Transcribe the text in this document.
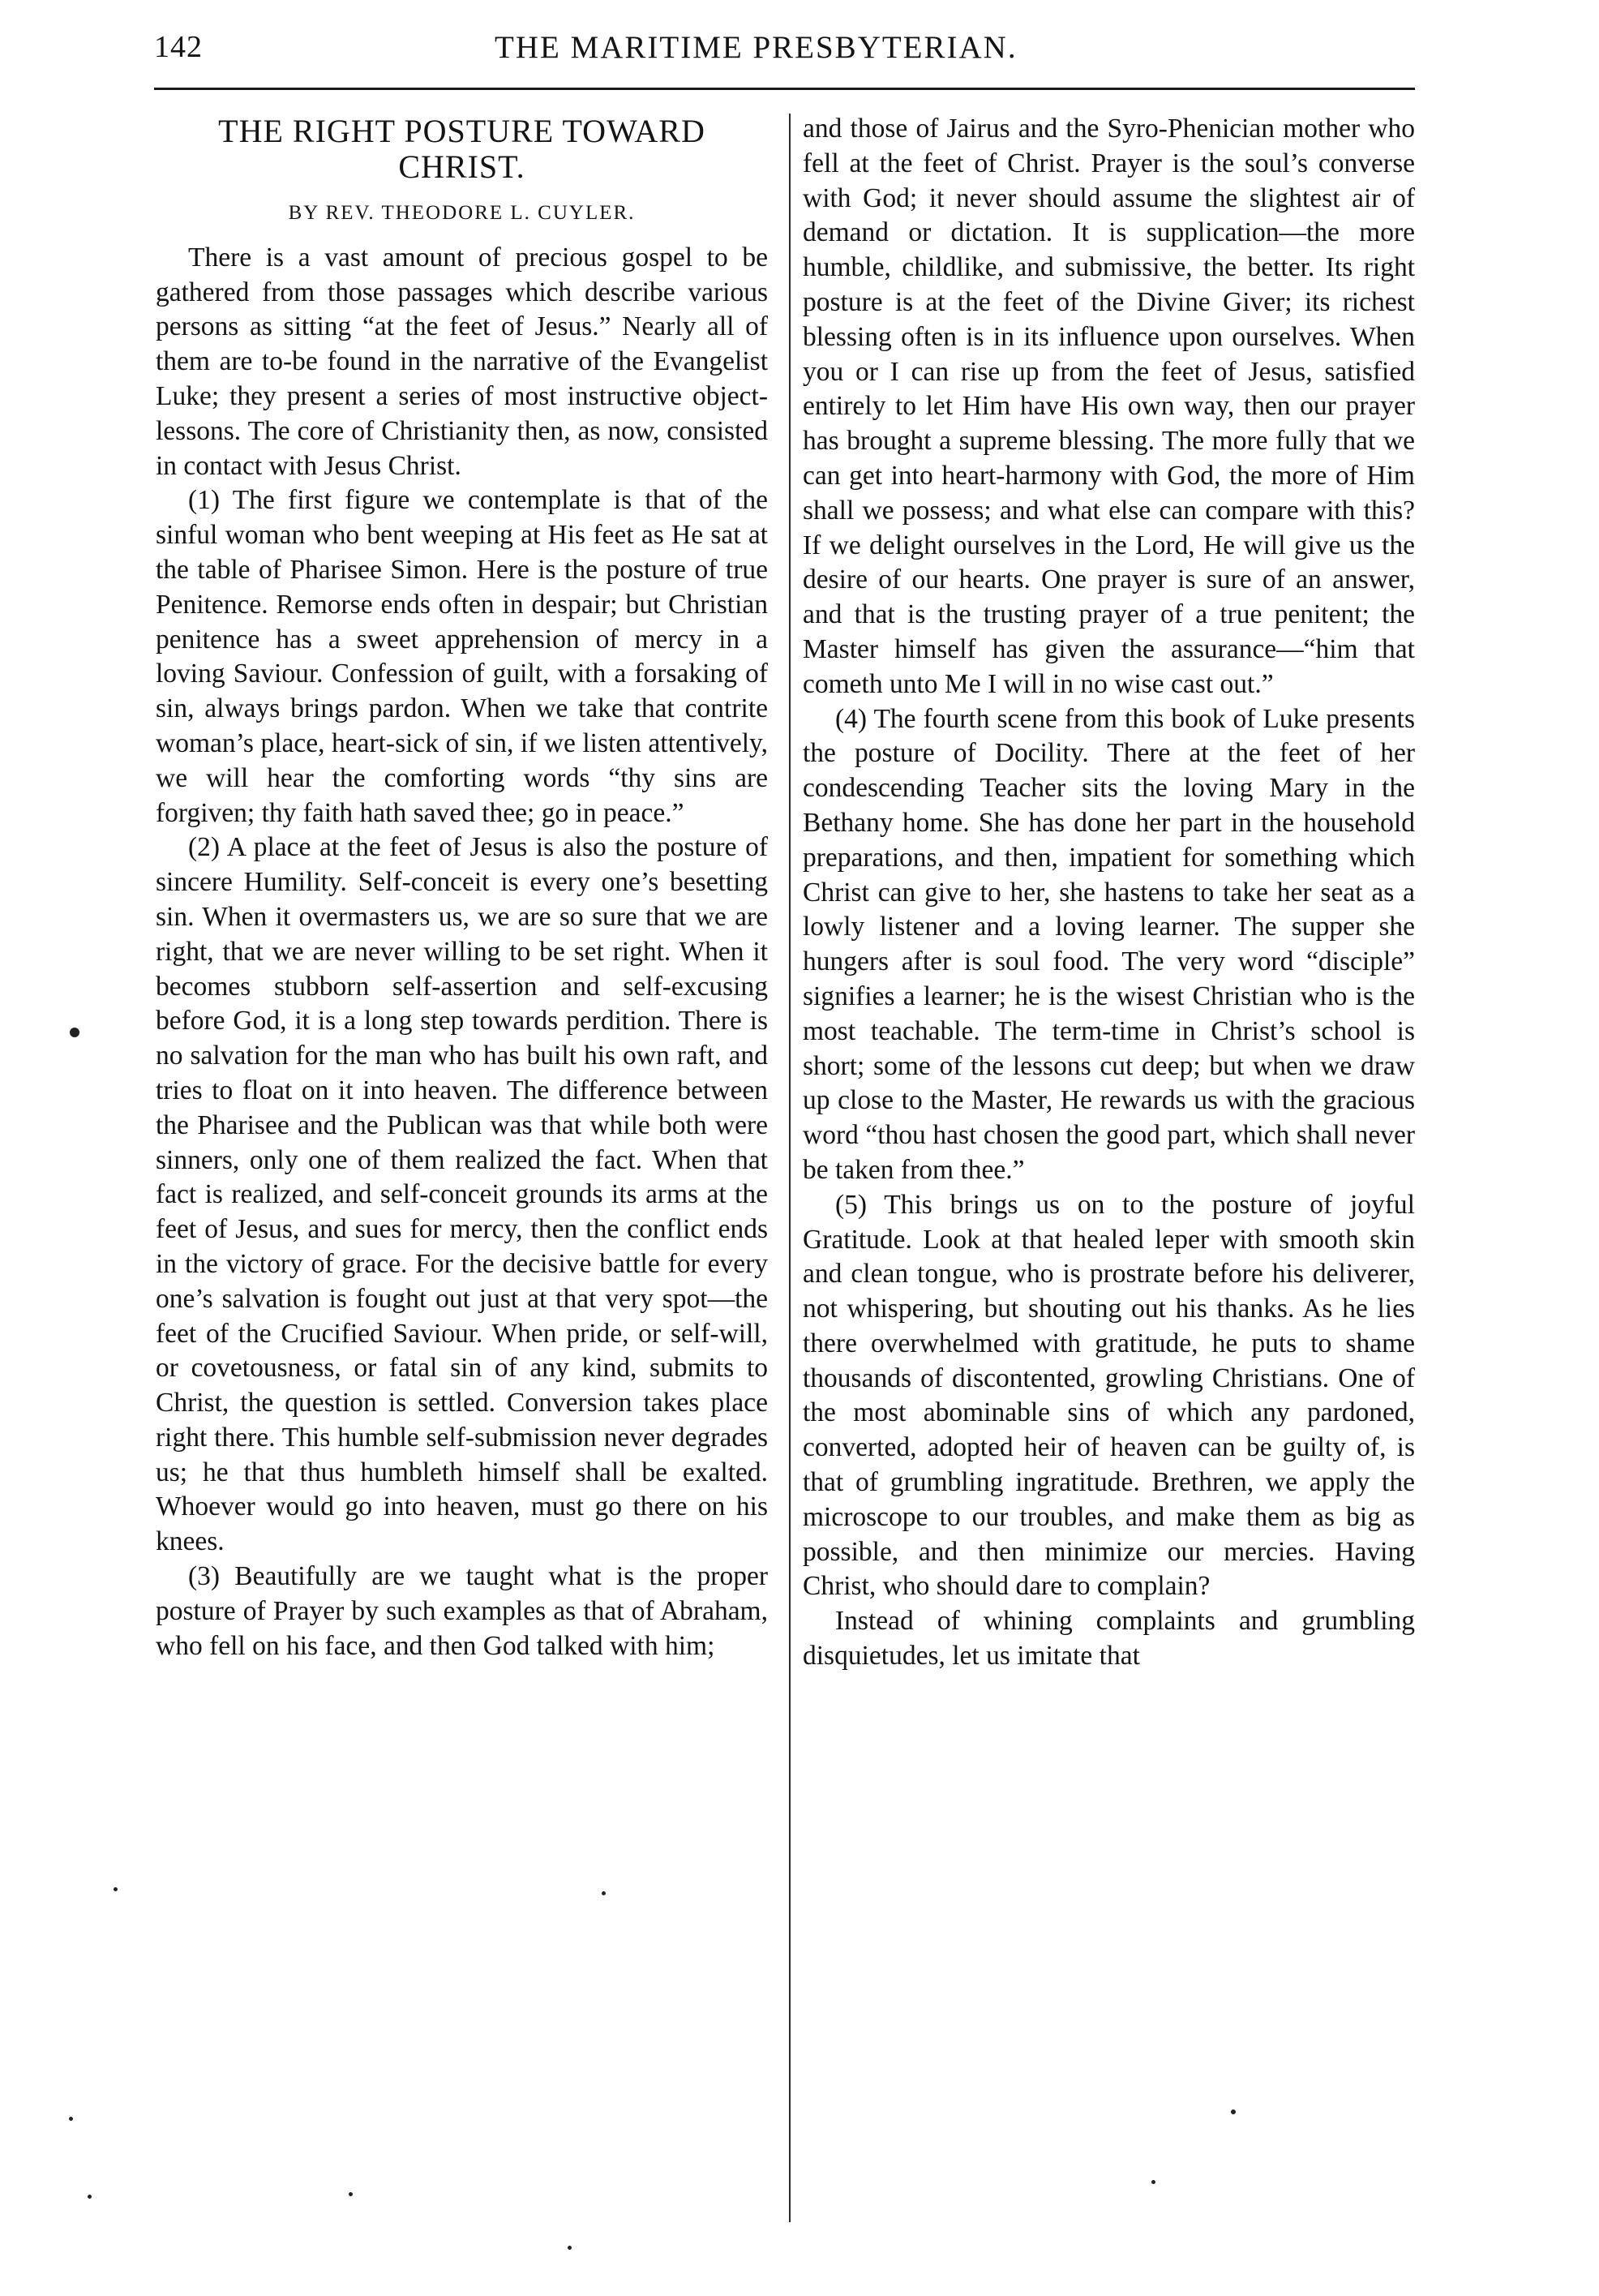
142	THE MARITIME PRESBYTERIAN.
THE RIGHT POSTURE TOWARD
CHRIST.
BY REV. THEODORE L. CUYLER.

There is a vast amount of precious gospel to be gathered from those passages which describe various persons as sitting “at the feet of Jesus.” Nearly all of them are to-be found in the narrative of the Evangelist Luke; they present a series of most instructive object-lessons. The core of Christianity then, as now, consisted in contact with Jesus Christ.

(1) The first figure we contemplate is that of the sinful woman who bent weeping at His feet as He sat at the table of Pharisee Simon. Here is the posture of true Penitence. Remorse ends often in despair; but Christian penitence has a sweet apprehension of mercy in a loving Saviour. Confession of guilt, with a forsaking of sin, always brings pardon. When we take that contrite woman’s place, heart-sick of sin, if we listen attentively, we will hear the comforting words “thy sins are forgiven; thy faith hath saved thee; go in peace.”

(2) A place at the feet of Jesus is also the posture of sincere Humility. Self-conceit is every one’s besetting sin. When it overmasters us, we are so sure that we are right, that we are never willing to be set right. When it becomes stubborn self-assertion and self-excusing before God, it is a long step towards perdition. There is no salvation for the man who has built his own raft, and tries to float on it into heaven. The difference between the Pharisee and the Publican was that while both were sinners, only one of them realized the fact. When that fact is realized, and self-conceit grounds its arms at the feet of Jesus, and sues for mercy, then the conflict ends in the victory of grace. For the decisive battle for every one’s salvation is fought out just at that very spot—the feet of the Crucified Saviour. When pride, or self-will, or covetousness, or fatal sin of any kind, submits to Christ, the question is settled. Conversion takes place right there. This humble self-submission never degrades us; he that thus humbleth himself shall be exalted. Whoever would go into heaven, must go there on his knees.

(3) Beautifully are we taught what is the proper posture of Prayer by such examples as that of Abraham, who fell on his face, and then God talked with him;

and those of Jairus and the Syro-Phenician mother who fell at the feet of Christ. Prayer is the soul’s converse with God; it never should assume the slightest air of demand or dictation. It is supplication—the more humble, childlike, and submissive, the better. Its right posture is at the feet of the Divine Giver; its richest blessing often is in its influence upon ourselves. When you or I can rise up from the feet of Jesus, satisfied entirely to let Him have His own way, then our prayer has brought a supreme blessing. The more fully that we can get into heart-harmony with God, the more of Him shall we possess; and what else can compare with this? If we delight ourselves in the Lord, He will give us the desire of our hearts. One prayer is sure of an answer, and that is the trusting prayer of a true penitent; the Master himself has given the assurance—“him that cometh unto Me I will in no wise cast out.”

(4) The fourth scene from this book of Luke presents the posture of Docility. There at the feet of her condescending Teacher sits the loving Mary in the Bethany home. She has done her part in the household preparations, and then, impatient for something which Christ can give to her, she hastens to take her seat as a lowly listener and a loving learner. The supper she hungers after is soul food. The very word “disciple” signifies a learner; he is the wisest Christian who is the most teachable. The term-time in Christ’s school is short; some of the lessons cut deep; but when we draw up close to the Master, He rewards us with the gracious word “thou hast chosen the good part, which shall never be taken from thee.”

(5) This brings us on to the posture of joyful Gratitude. Look at that healed leper with smooth skin and clean tongue, who is prostrate before his deliverer, not whispering, but shouting out his thanks. As he lies there overwhelmed with gratitude, he puts to shame thousands of discontented, growling Christians. One of the most abominable sins of which any pardoned, converted, adopted heir of heaven can be guilty of, is that of grumbling ingratitude. Brethren, we apply the microscope to our troubles, and make them as big as possible, and then minimize our mercies. Having Christ, who should dare to complain?

Instead of whining complaints and grumbling disquietudes, let us imitate that
